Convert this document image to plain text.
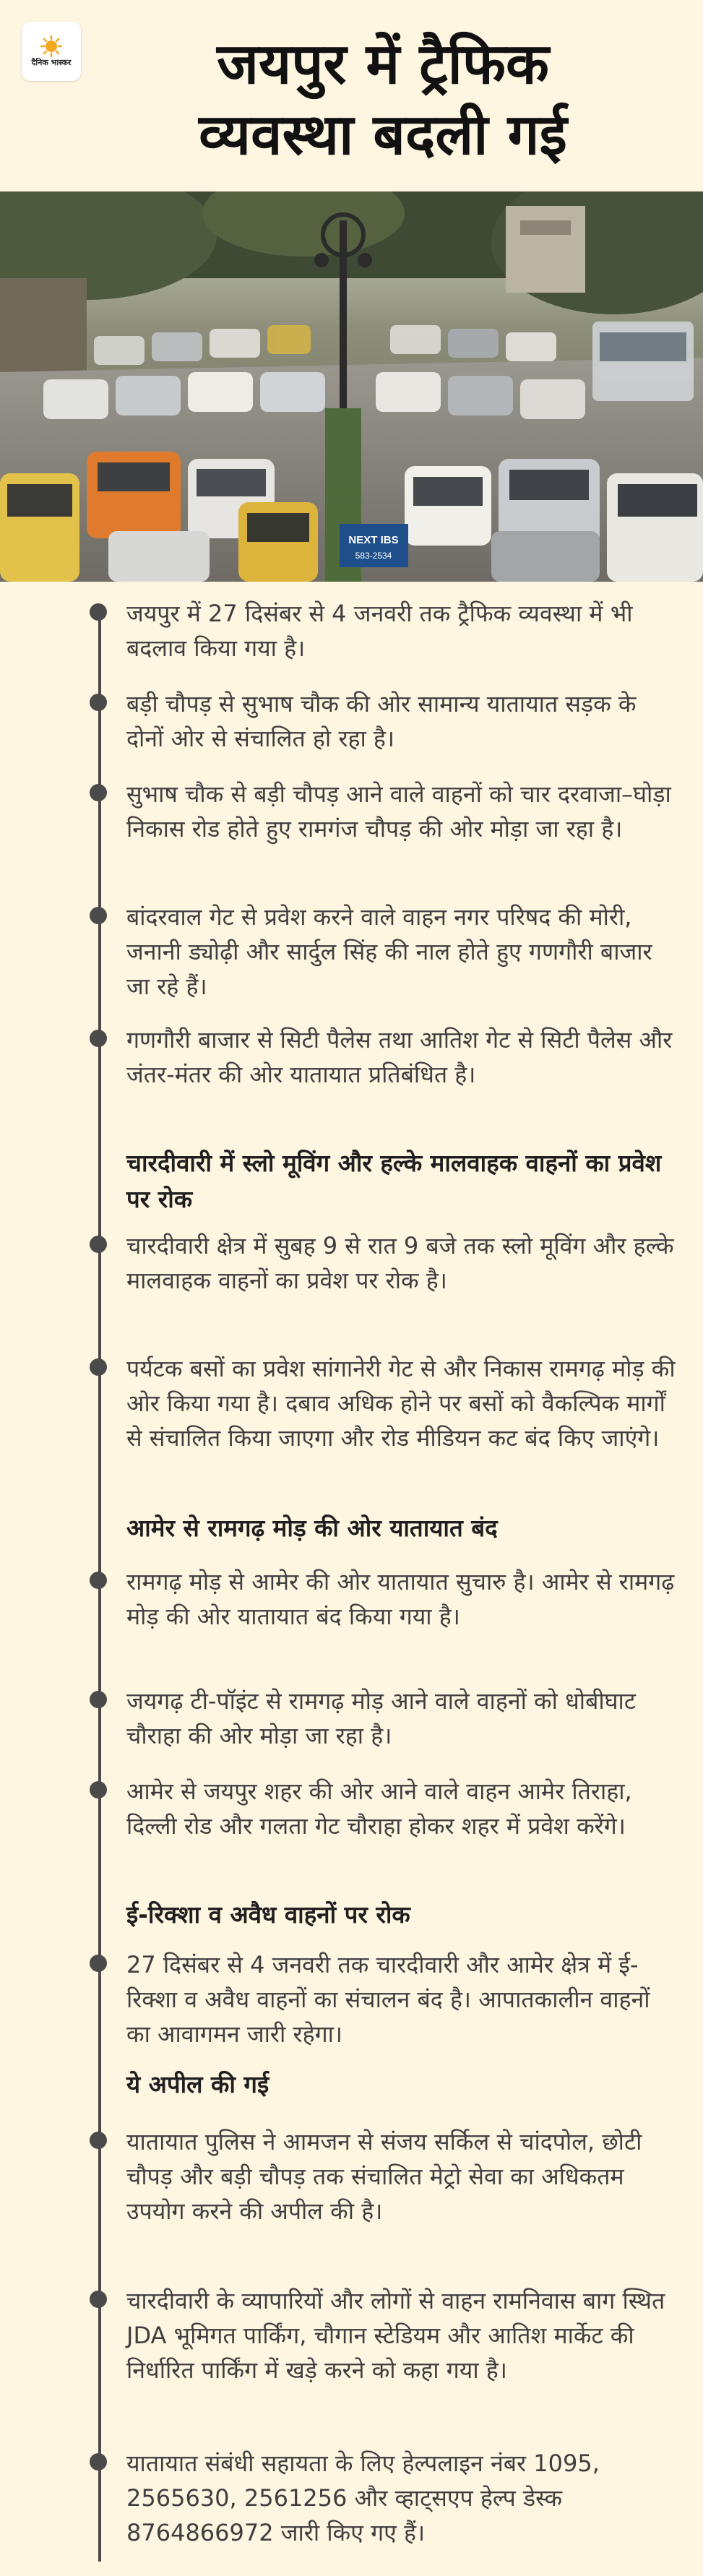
दैनिक भास्कर	जयपुर में ट्रैफिक
व्यवस्था बदली गई
NEXT IBS
583-2534
जयपुर में 27 दिसंबर से 4 जनवरी तक ट्रैफिक व्यवस्था में भी बदलाव किया गया है।
बड़ी चौपड़ से सुभाष चौक की ओर सामान्य यातायात सड़क के दोनों ओर से संचालित हो रहा है।
सुभाष चौक से बड़ी चौपड़ आने वाले वाहनों को चार दरवाजा–घोड़ा निकास रोड होते हुए रामगंज चौपड़ की ओर मोड़ा जा रहा है।
बांदरवाल गेट से प्रवेश करने वाले वाहन नगर परिषद की मोरी, जनानी ड्योढ़ी और सार्दुल सिंह की नाल होते हुए गणगौरी बाजार जा रहे हैं।
गणगौरी बाजार से सिटी पैलेस तथा आतिश गेट से सिटी पैलेस और जंतर-मंतर की ओर यातायात प्रतिबंधित है।
चारदीवारी में स्लो मूविंग और हल्के मालवाहक वाहनों का प्रवेश पर रोक
चारदीवारी क्षेत्र में सुबह 9 से रात 9 बजे तक स्लो मूविंग और हल्के मालवाहक वाहनों का प्रवेश पर रोक है।
पर्यटक बसों का प्रवेश सांगानेरी गेट से और निकास रामगढ़ मोड़ की ओर किया गया है। दबाव अधिक होने पर बसों को वैकल्पिक मार्गों से संचालित किया जाएगा और रोड मीडियन कट बंद किए जाएंगे।
आमेर से रामगढ़ मोड़ की ओर यातायात बंद
रामगढ़ मोड़ से आमेर की ओर यातायात सुचारु है। आमेर से रामगढ़ मोड़ की ओर यातायात बंद किया गया है।
जयगढ़ टी-पॉइंट से रामगढ़ मोड़ आने वाले वाहनों को धोबीघाट चौराहा की ओर मोड़ा जा रहा है।
आमेर से जयपुर शहर की ओर आने वाले वाहन आमेर तिराहा, दिल्ली रोड और गलता गेट चौराहा होकर शहर में प्रवेश करेंगे।
ई-रिक्शा व अवैध वाहनों पर रोक
27 दिसंबर से 4 जनवरी तक चारदीवारी और आमेर क्षेत्र में ई-रिक्शा व अवैध वाहनों का संचालन बंद है। आपातकालीन वाहनों का आवागमन जारी रहेगा।
ये अपील की गई
यातायात पुलिस ने आमजन से संजय सर्किल से चांदपोल, छोटी चौपड़ और बड़ी चौपड़ तक संचालित मेट्रो सेवा का अधिकतम उपयोग करने की अपील की है।
चारदीवारी के व्यापारियों और लोगों से वाहन रामनिवास बाग स्थित JDA भूमिगत पार्किंग, चौगान स्टेडियम और आतिश मार्केट की निर्धारित पार्किंग में खड़े करने को कहा गया है।
यातायात संबंधी सहायता के लिए हेल्पलाइन नंबर 1095, 2565630, 2561256 और व्हाट्सएप हेल्प डेस्क 8764866972 जारी किए गए हैं।
